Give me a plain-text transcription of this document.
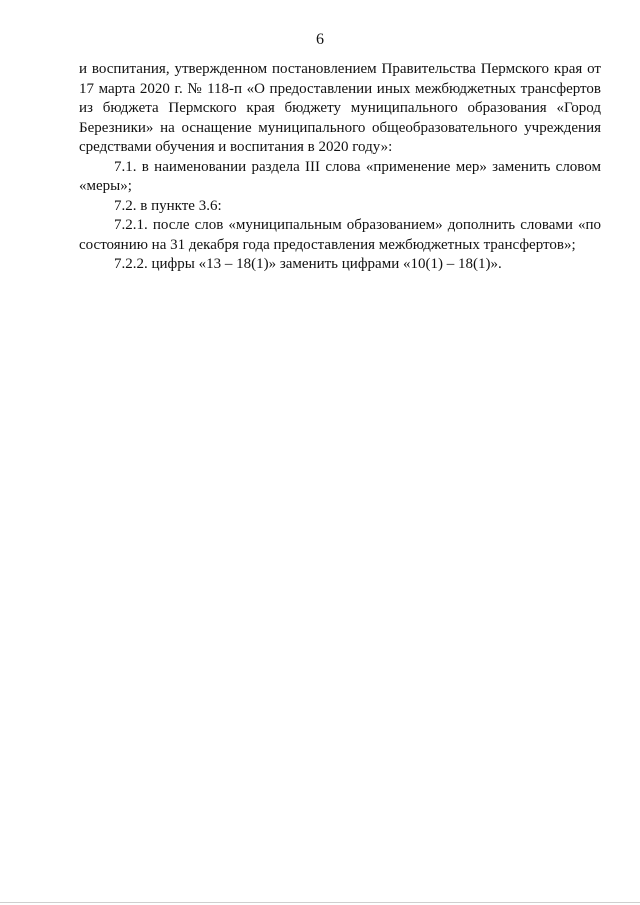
6

и воспитания, утвержденном постановлением Правительства Пермского края от 17 марта 2020 г. № 118-п «О предоставлении иных межбюджетных трансфертов из бюджета Пермского края бюджету муниципального образования «Город Березники» на оснащение муниципального общеобразовательного учреждения средствами обучения и воспитания в 2020 году»:

7.1. в наименовании раздела III слова «применение мер» заменить словом «меры»;

7.2. в пункте 3.6:

7.2.1. после слов «муниципальным образованием» дополнить словами «по состоянию на 31 декабря года предоставления межбюджетных трансфертов»;

7.2.2. цифры «13 – 18(1)» заменить цифрами «10(1) – 18(1)».
